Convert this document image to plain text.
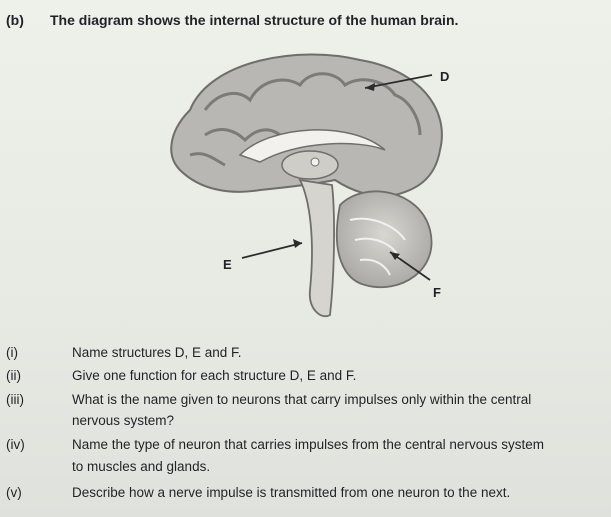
(b) The diagram shows the internal structure of the human brain.
D
E
F
(i)	Name structures D, E and F.
(ii)	Give one function for each structure D, E and F.
(iii)	What is the name given to neurons that carry impulses only within the central
nervous system?
(iv)	Name the type of neuron that carries impulses from the central nervous system
to muscles and glands.
(v)	Describe how a nerve impulse is transmitted from one neuron to the next.
